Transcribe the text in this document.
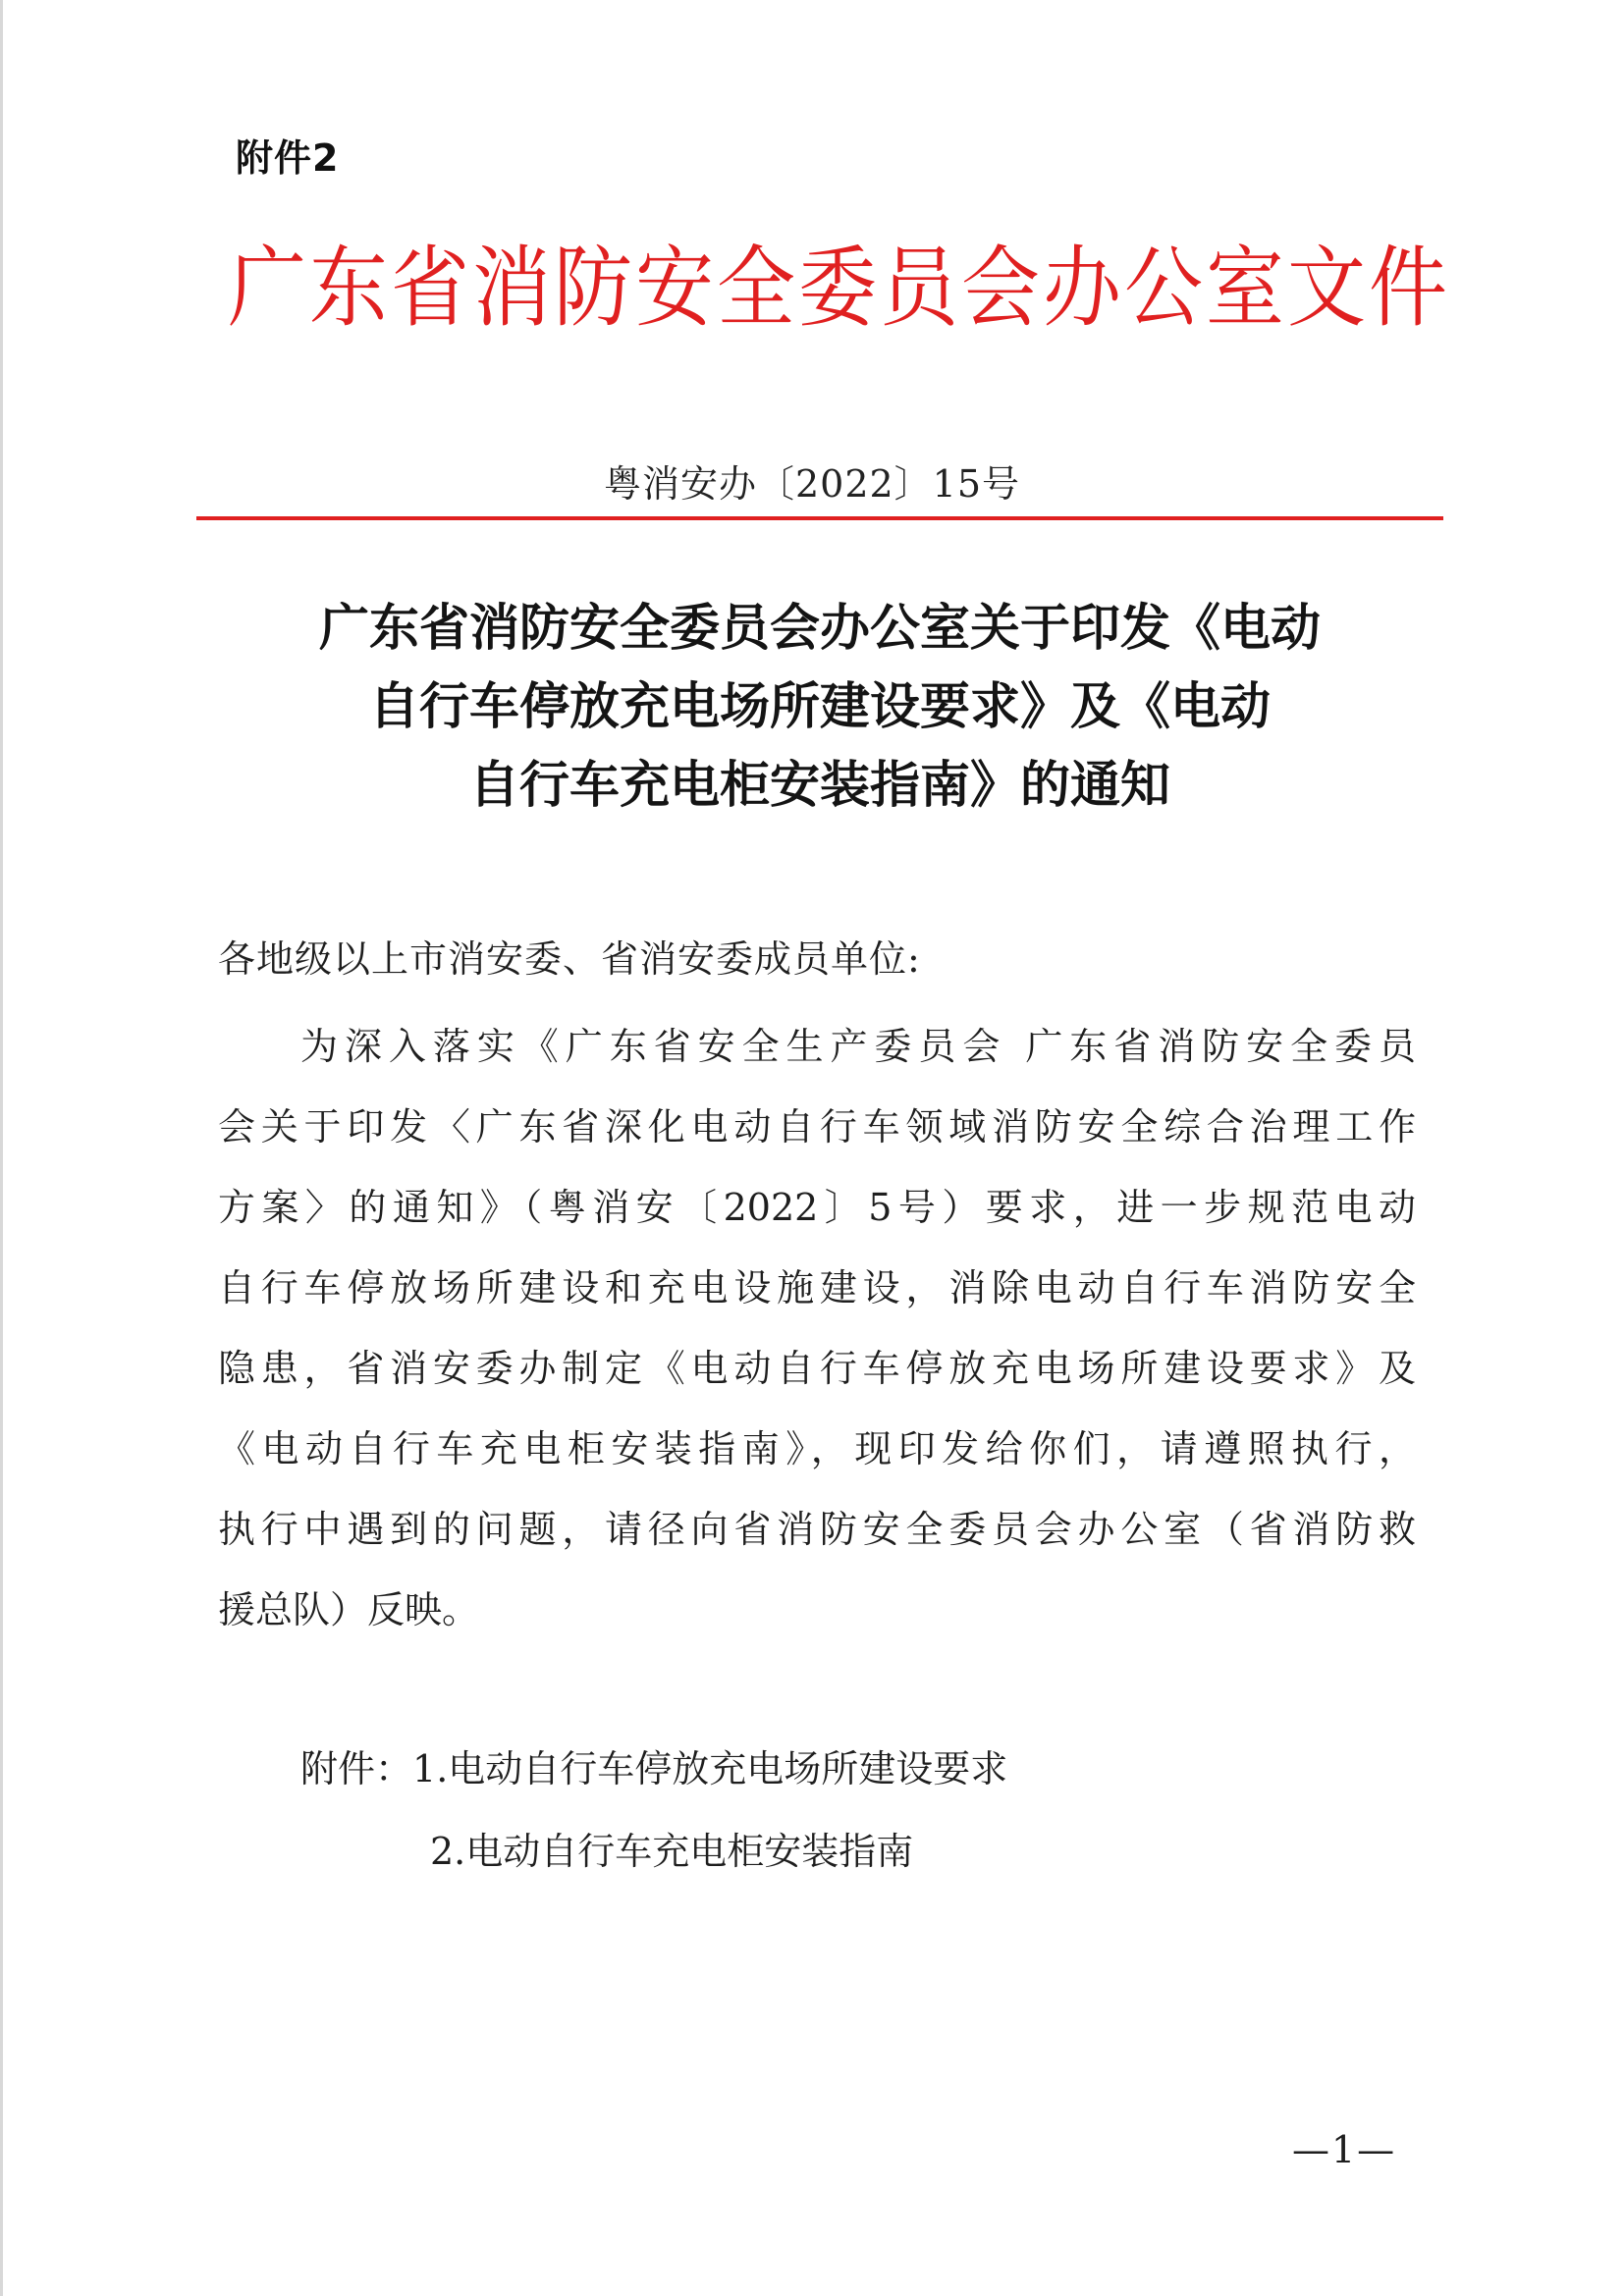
附件2
广东省消防安全委员会办公室文件
粤消安办〔2022〕15号
广东省消防安全委员会办公室关于印发《电动
自行车停放充电场所建设要求》及《电动
自行车充电柜安装指南》的通知
各地级以上市消安委、省消安委成员单位:
为深入落实《广东省安全生产委员会 广东省消防安全委员
会关于印发〈广东省深化电动自行车领域消防安全综合治理工作
方案〉的通知》（粤消安〔2022〕5号）要求，进一步规范电动
自行车停放场所建设和充电设施建设，消除电动自行车消防安全
隐患，省消安委办制定《电动自行车停放充电场所建设要求》及
《电动自行车充电柜安装指南》，现印发给你们，请遵照执行，
执行中遇到的问题，请径向省消防安全委员会办公室（省消防救
援总队）反映。
附件：1.电动自行车停放充电场所建设要求
2.电动自行车充电柜安装指南
—1—
